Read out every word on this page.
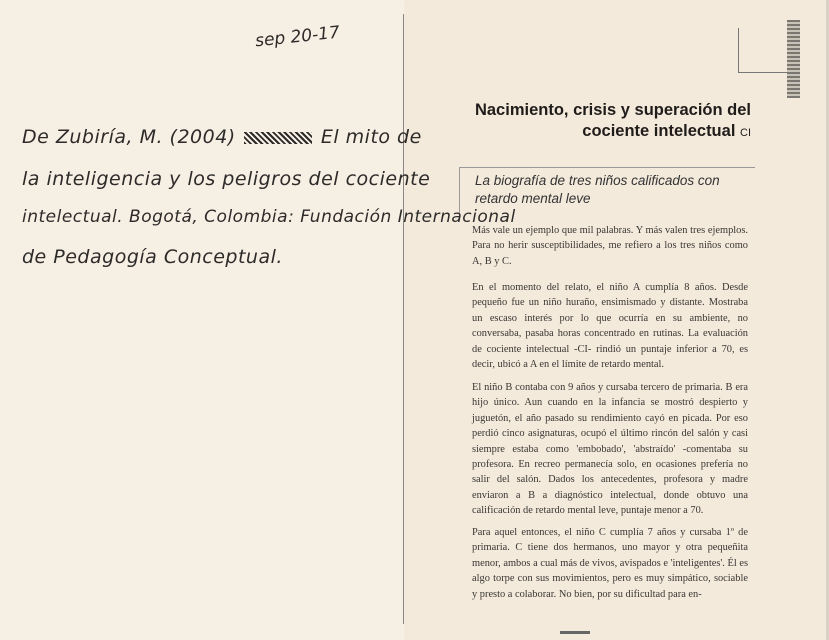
sep 20-17
De Zubiría, M. (2004)	El mito de
la inteligencia y los peligros del cociente
intelectual. Bogotá, Colombia: Fundación Internacional
de Pedagogía Conceptual.
Nacimiento, crisis y superación del
cociente intelectual CI
La biografía de tres niños calificados con retardo mental leve
Más vale un ejemplo que mil palabras. Y más valen tres ejemplos. Para no herir susceptibilidades, me refiero a los tres niños como A, B y C.
En el momento del relato, el niño A cumplía 8 años. Desde pequeño fue un niño huraño, ensimismado y distante. Mostraba un escaso interés por lo que ocurría en su ambiente, no conversaba, pasaba horas concentrado en rutinas. La evaluación de cociente intelectual -CI- rindió un puntaje inferior a 70, es decir, ubicó a A en el límite de retardo mental.
El niño B contaba con 9 años y cursaba tercero de primaria. B era hijo único. Aun cuando en la infancia se mostró despierto y juguetón, el año pasado su rendimiento cayó en picada. Por eso perdió cinco asignaturas, ocupó el último rincón del salón y casi siempre estaba como 'embobado', 'abstraído' -comentaba su profesora. En recreo permanecía solo, en ocasiones prefería no salir del salón. Dados los antecedentes, profesora y madre enviaron a B a diagnóstico intelectual, donde obtuvo una calificación de retardo mental leve, puntaje menor a 70.
Para aquel entonces, el niño C cumplía 7 años y cursaba 1º de primaria. C tiene dos hermanos, uno mayor y otra pequeñita menor, ambos a cual más de vivos, avispados e 'inteligentes'. Él es algo torpe con sus movimientos, pero es muy simpático, sociable y presto a colaborar. No bien, por su dificultad para en-
